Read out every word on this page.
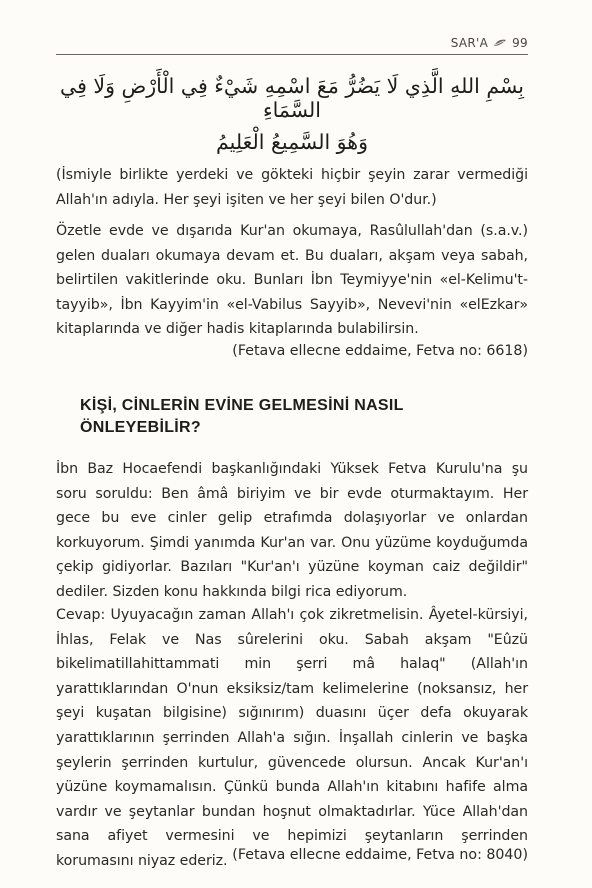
SAR'A 99
بِسْمِ اللهِ الَّذِي لَا يَضُرُّ مَعَ اسْمِهِ شَيْءٌ فِي الْأَرْضِ وَلَا فِي السَّمَاءِ
وَهُوَ السَّمِيعُ الْعَلِيمُ
(İsmiyle birlikte yerdeki ve gökteki hiçbir şeyin zarar vermediği Allah'ın adıyla. Her şeyi işiten ve her şeyi bilen O'dur.)
Özetle evde ve dışarıda Kur'an okumaya, Rasûlullah'dan (s.a.v.) gelen duaları okumaya devam et. Bu duaları, akşam veya sabah, belirtilen vakitlerinde oku. Bunları İbn Teymiyye'nin «el-Kelimu't-tayyib», İbn Kayyim'in «el-Vabilus Sayyib», Nevevi'nin «elEzkar» kitaplarında ve diğer hadis kitaplarında bulabilirsin.
(Fetava ellecne eddaime, Fetva no: 6618)
KİŞİ, CİNLERİN EVİNE GELMESİNİ NASIL ÖNLEYEBİLİR?
İbn Baz Hocaefendi başkanlığındaki Yüksek Fetva Kurulu'na şu soru soruldu: Ben âmâ biriyim ve bir evde oturmaktayım. Her gece bu eve cinler gelip etrafımda dolaşıyorlar ve onlardan korkuyorum. Şimdi yanımda Kur'an var. Onu yüzüme koyduğumda çekip gidiyorlar. Bazıları "Kur'an'ı yüzüne koyman caiz değildir" dediler. Sizden konu hakkında bilgi rica ediyorum.
Cevap: Uyuyacağın zaman Allah'ı çok zikretmelisin. Âyetel-kürsiyi, İhlas, Felak ve Nas sûrelerini oku. Sabah akşam "Eûzü bikelimatillahittammati min şerri mâ halaq" (Allah'ın yarattıklarından O'nun eksiksiz/tam kelimelerine (noksansız, her şeyi kuşatan bilgisine) sığınırım) duasını üçer defa okuyarak yarattıklarının şerrinden Allah'a sığın. İnşallah cinlerin ve başka şeylerin şerrinden kurtulur, güvencede olursun. Ancak Kur'an'ı yüzüne koymamalısın. Çünkü bunda Allah'ın kitabını hafife alma vardır ve şeytanlar bundan hoşnut olmaktadırlar. Yüce Allah'dan sana afiyet vermesini ve hepimizi şeytanların şerrinden korumasını niyaz ederiz. (Fetava ellecne eddaime, Fetva no: 8040)
